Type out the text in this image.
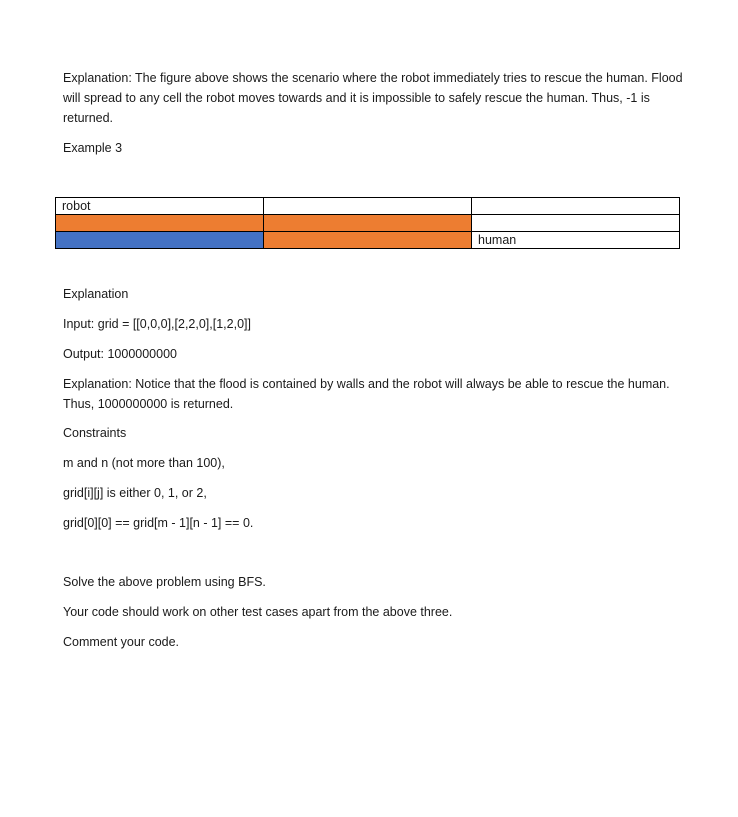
Explanation: The figure above shows the scenario where the robot immediately tries to rescue the human. Flood will spread to any cell the robot moves towards and it is impossible to safely rescue the human. Thus, -1 is returned.

Example 3

robot		

		human

Explanation

Input: grid = [[0,0,0],[2,2,0],[1,2,0]]

Output: 1000000000

Explanation: Notice that the flood is contained by walls and the robot will always be able to rescue the human. Thus, 1000000000 is returned.

Constraints

m and n (not more than 100),

grid[i][j] is either 0, 1, or 2,

grid[0][0] == grid[m - 1][n - 1] == 0.

Solve the above problem using BFS.

Your code should work on other test cases apart from the above three.

Comment your code.
